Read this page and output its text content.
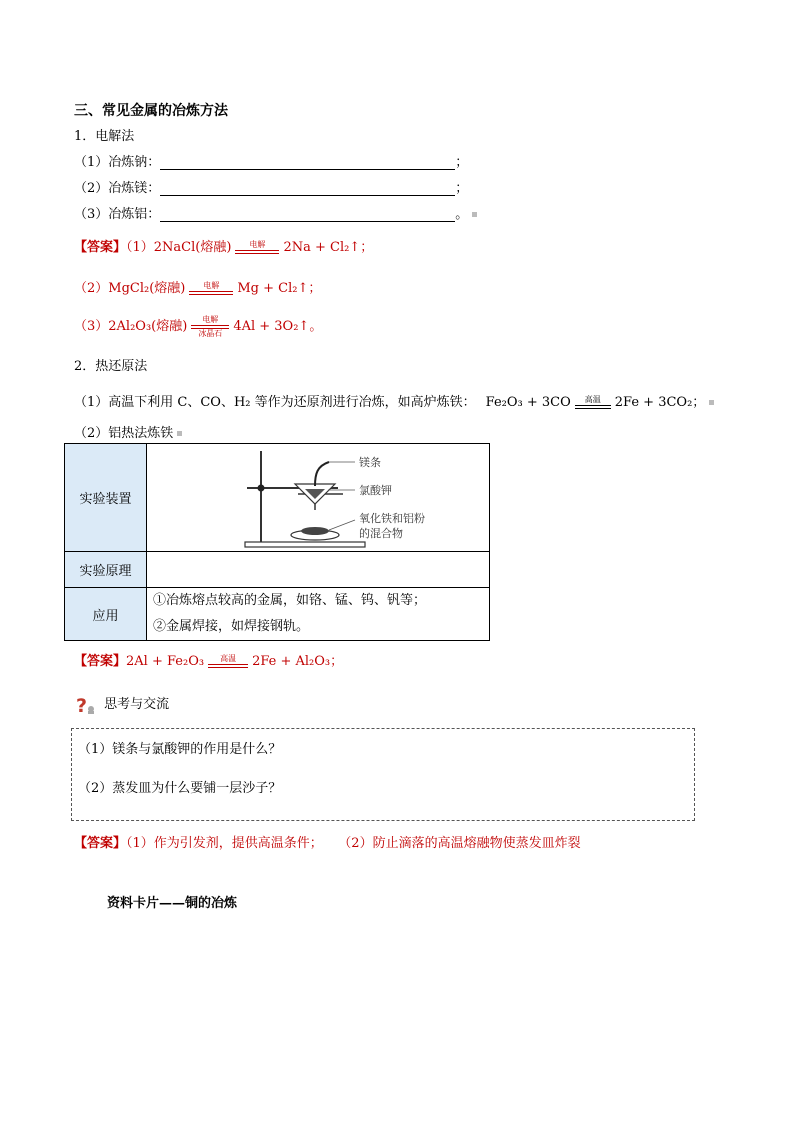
三、常见金属的冶炼方法
1．电解法
（1）冶炼钠：	；
（2）冶炼镁：	；
（3）冶炼铝：	。
【答案】（1）2NaCl(熔融) 电解 2Na + Cl₂↑；
（2）MgCl₂(熔融) 电解 Mg + Cl₂↑；
（3）2Al₂O₃(熔融) 电解
冰晶石 4Al + 3O₂↑。
2．热还原法
（1）高温下利用 C、CO、H₂ 等作为还原剂进行冶炼，如高炉炼铁： Fe₂O₃ + 3CO 高温 2Fe + 3CO₂；
（2）铝热法炼铁
实验装置	镁条
氯酸钾
氧化铁和铝粉
的混合物

实验原理	
应用	①冶炼熔点较高的金属，如铬、锰、钨、钒等；
②金属焊接，如焊接钢轨。
【答案】2Al + Fe₂O₃ 高温 2Fe + Al₂O₃；
? 思考与交流
（1）镁条与氯酸钾的作用是什么？
（2）蒸发皿为什么要铺一层沙子？
【答案】（1）作为引发剂，提供高温条件； （2）防止滴落的高温熔融物使蒸发皿炸裂
资料卡片——铜的冶炼
